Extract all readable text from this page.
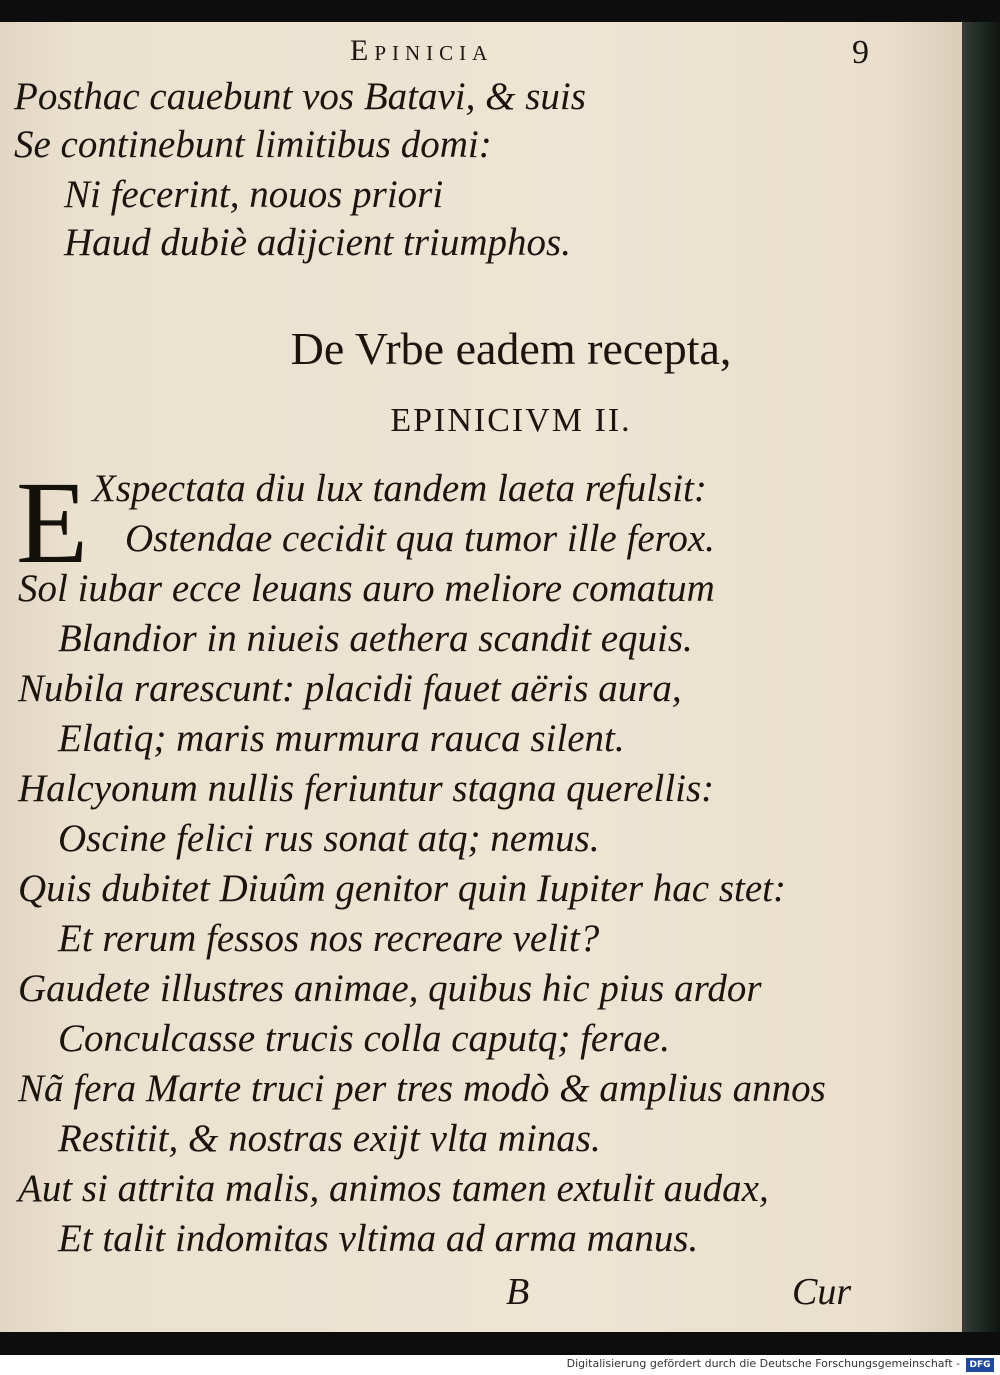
Epinicia	9
Posthac cauebunt vos Batavi, & suis
Se continebunt limitibus domi:
Ni fecerint, nouos priori
Haud dubiè adijcient triumphos.
De Vrbe eadem recepta,
EPINICIVM II.
E Xspectata diu lux tandem laeta refulsit:
Ostendae cecidit qua tumor ille ferox.
Sol iubar ecce leuans auro meliore comatum
Blandior in niueis aethera scandit equis.
Nubila rarescunt: placidi fauet aëris aura,
Elatiq; maris murmura rauca silent.
Halcyonum nullis feriuntur stagna querellis:
Oscine felici rus sonat atq; nemus.
Quis dubitet Diuûm genitor quin Iupiter hac stet:
Et rerum fessos nos recreare velit?
Gaudete illustres animae, quibus hic pius ardor
Conculcasse trucis colla caputq; ferae.
Nã fera Marte truci per tres modò & amplius annos
Restitit, & nostras exijt vlta minas.
Aut si attrita malis, animos tamen extulit audax,
Et talit indomitas vltima ad arma manus.
B	Cur
Digitalisierung gefördert durch die Deutsche Forschungsgemeinschaft -	DFG
